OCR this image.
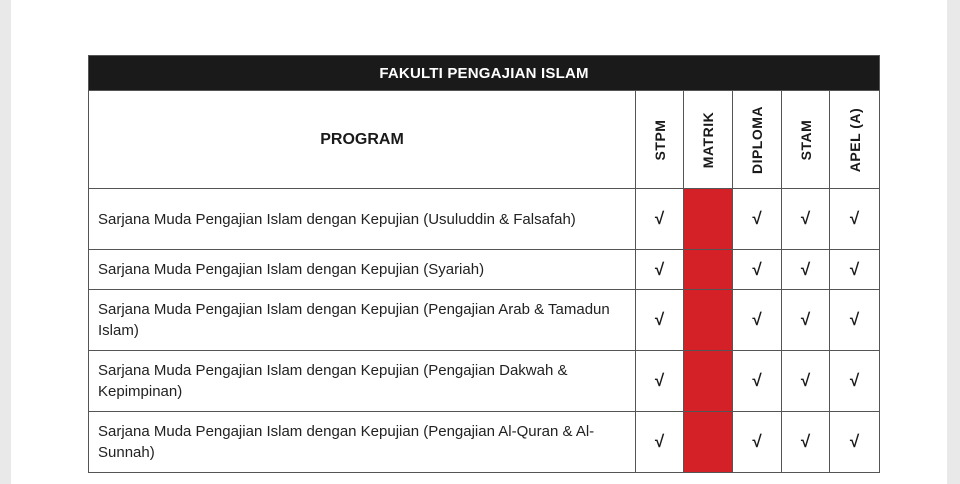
FAKULTI PENGAJIAN ISLAM					
PROGRAM	STPM	MATRIK	DIPLOMA	STAM	APEL (A)

Sarjana Muda Pengajian Islam dengan Kepujian (Usuluddin & Falsafah)	√		√	√	√
Sarjana Muda Pengajian Islam dengan Kepujian (Syariah)	√		√	√	√
Sarjana Muda Pengajian Islam dengan Kepujian (Pengajian Arab & Tamadun Islam)	√		√	√	√
Sarjana Muda Pengajian Islam dengan Kepujian (Pengajian Dakwah & Kepimpinan)	√		√	√	√
Sarjana Muda Pengajian Islam dengan Kepujian (Pengajian Al-Quran & Al-Sunnah)	√		√	√	√
